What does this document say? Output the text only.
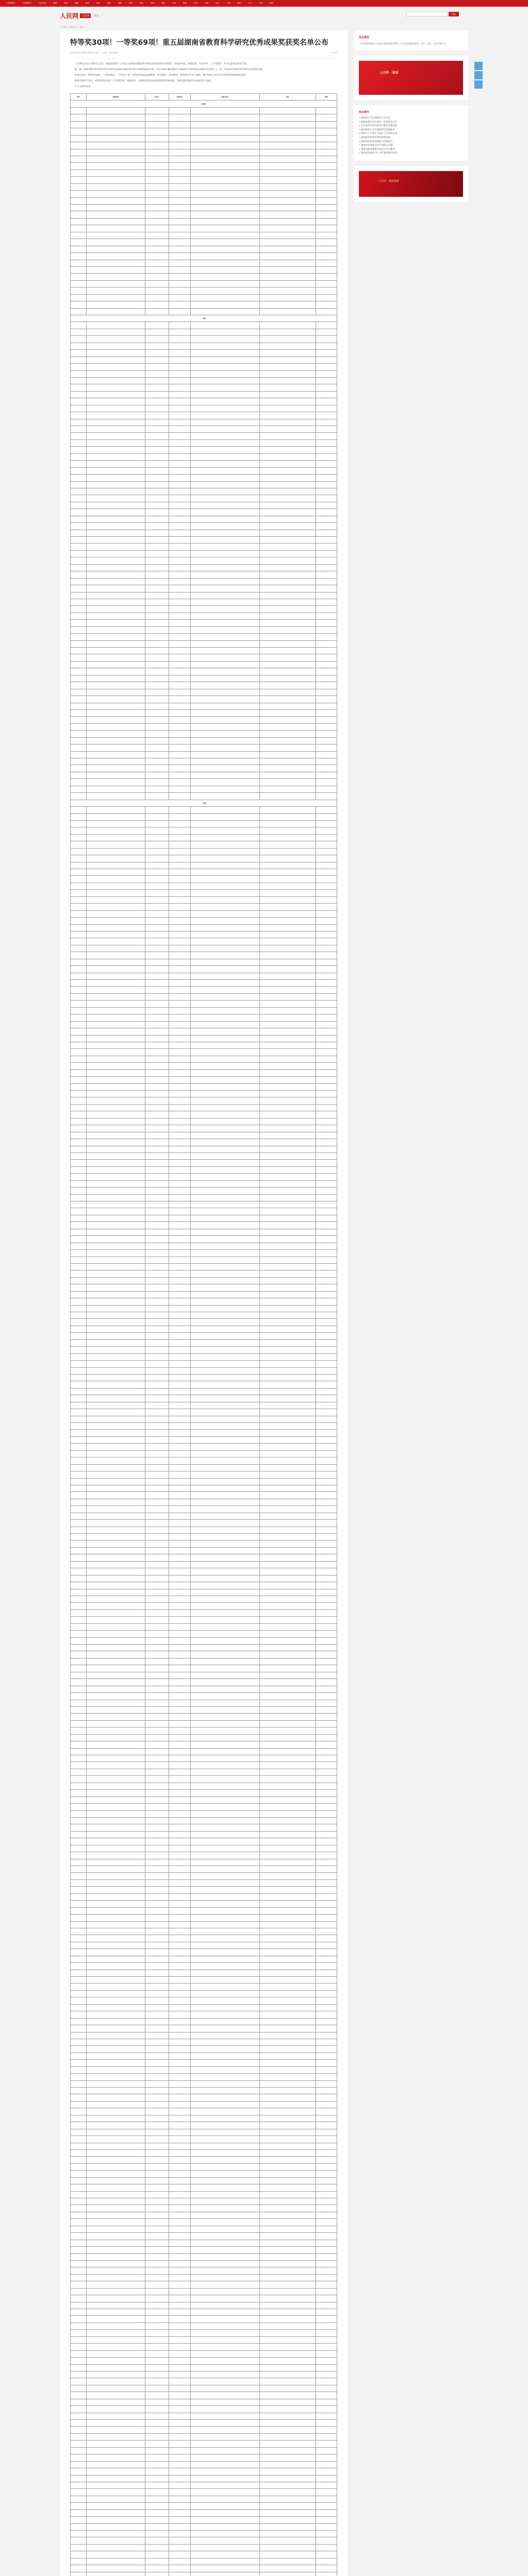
人民网首页	人民网报刊	人民日报	要闻	时政	国际	观点	地方	财经	健康	教育	科技	军事	体育	文化	旅游	社会	环保	法治	人事	政协	人大	访谈	游戏
人民网	人民网	教育	搜索
人民网 >> 教育 >> 滚动
特等奖30项！一等奖69项！重五届湖南省教育科学研究优秀成果奖获奖名单公布
2021年11月18日15:46 | 来源：人民网－湖南频道	小字号

人民网长沙11月18日电 近日，湖南省教育厅公布第五届湖南省教育科学研究优秀成果奖评审结果，经成果申报、资格审查、专家评审、公示等程序，共评出获奖成果若干项。

据了解，湖南省教育科学研究优秀成果奖是湖南省教育科学研究领域的最高奖项，旨在表彰在教育理论与实践研究中取得突出成绩的单位和个人，进一步推动全省教育科学研究事业繁荣发展。

本届评审中，特等奖30项、一等奖69项、二等奖若干项。获奖成果涵盖基础教育、职业教育、高等教育、教师教育等多个领域，集中体现了近年来全省教育科研的最新成果。

湖南省教育厅表示，希望获奖单位和个人珍惜荣誉，再接再厉，不断推出更多高质量的教育科研成果，为建设教育强省作出新的更大贡献。

以下为获奖名单：

序号	成果名称	负责人	成果形式	主要完成人	单位	等级
特等奖						

一等奖						

二等奖						

热点推荐

人民网湖南频道是人民网在湖南的地方频道，全方位报道湖南政治、经济、文化、社会发展动态。

人民网 · 湖南
热点排行
• 湖南省召开全省教育工作会议
• 湖南高校毕业生就业工作推进会召开
• 长沙多所学校开展劳动教育实践活动
• 湖南教育厅发布最新招生政策解读
• 湖南中小学落实“双减”工作成效显著
• 湖南职业教育改革取得新进展
• 湖南高校科研创新能力持续提升
• 湖南乡村教师支持计划深入实施
• 湖南省教育系统开展党史学习教育
• 湖南高等教育“双一流”建设稳步推进
人民网 · 湖南频道
